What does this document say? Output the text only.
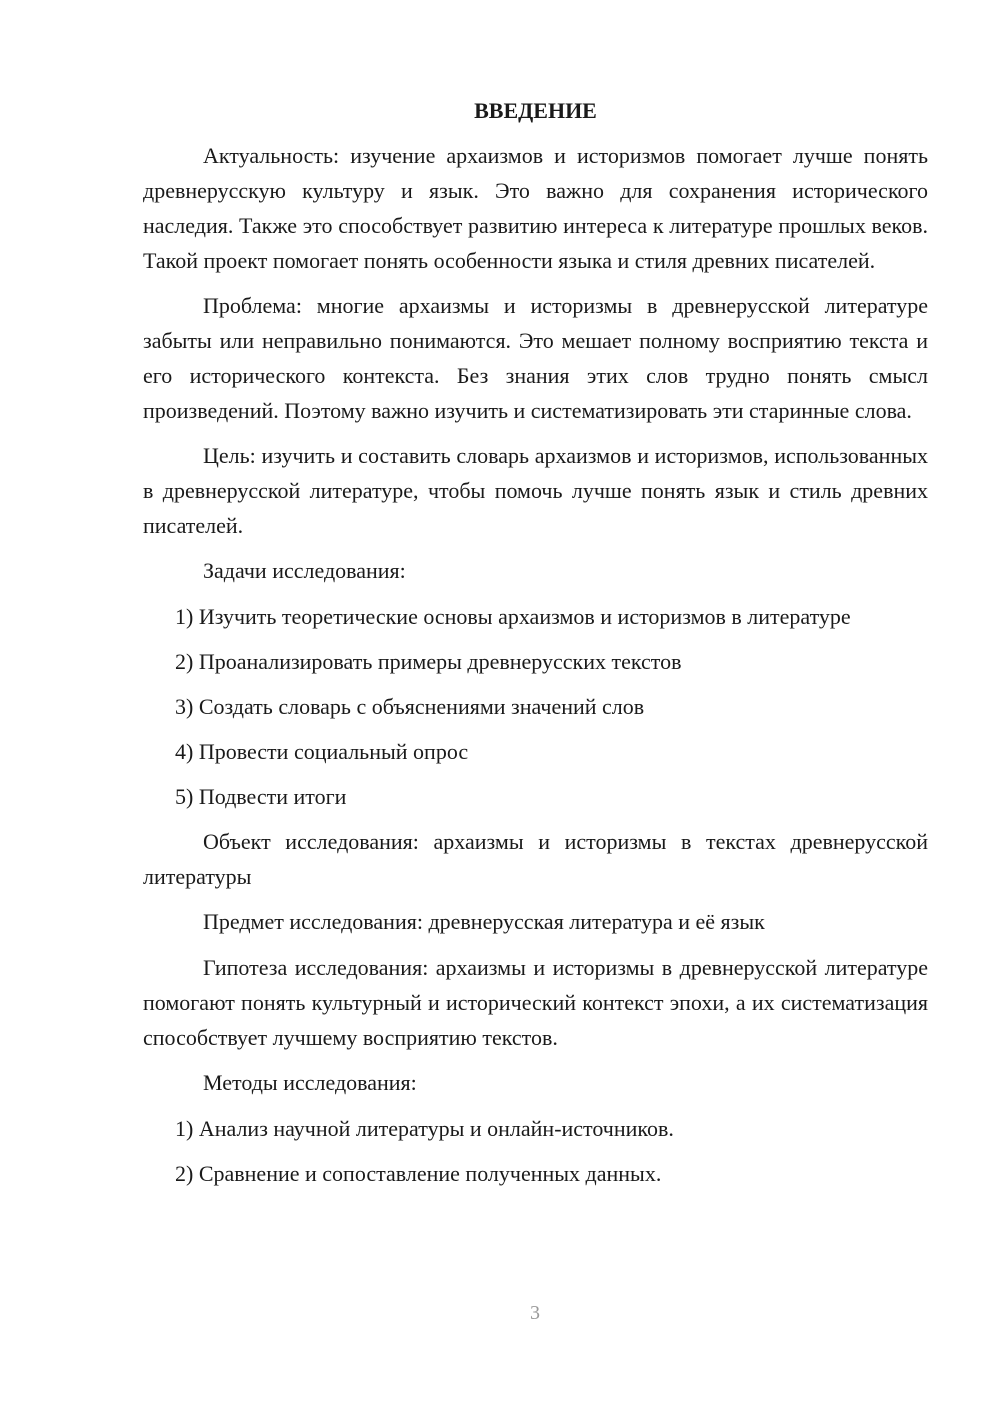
ВВЕДЕНИЕ

Актуальность: изучение архаизмов и историзмов помогает лучше понять древнерусскую культуру и язык. Это важно для сохранения исторического наследия. Также это способствует развитию интереса к литературе прошлых веков. Такой проект помогает понять особенности языка и стиля древних писателей.

Проблема: многие архаизмы и историзмы в древнерусской литературе забыты или неправильно понимаются. Это мешает полному восприятию текста и его исторического контекста. Без знания этих слов трудно понять смысл произведений. Поэтому важно изучить и систематизировать эти старинные слова.

Цель: изучить и составить словарь архаизмов и историзмов, использованных в древнерусской литературе, чтобы помочь лучше понять язык и стиль древних писателей.

Задачи исследования:

1) Изучить теоретические основы архаизмов и историзмов в литературе

2) Проанализировать примеры древнерусских текстов

3) Создать словарь с объяснениями значений слов

4) Провести социальный опрос

5) Подвести итоги

Объект исследования: архаизмы и историзмы в текстах древнерусской литературы

Предмет исследования: древнерусская литература и её язык

Гипотеза исследования: архаизмы и историзмы в древнерусской литературе помогают понять культурный и исторический контекст эпохи, а их систематизация способствует лучшему восприятию текстов.

Методы исследования:

1) Анализ научной литературы и онлайн-источников.

2) Сравнение и сопоставление полученных данных.

3
